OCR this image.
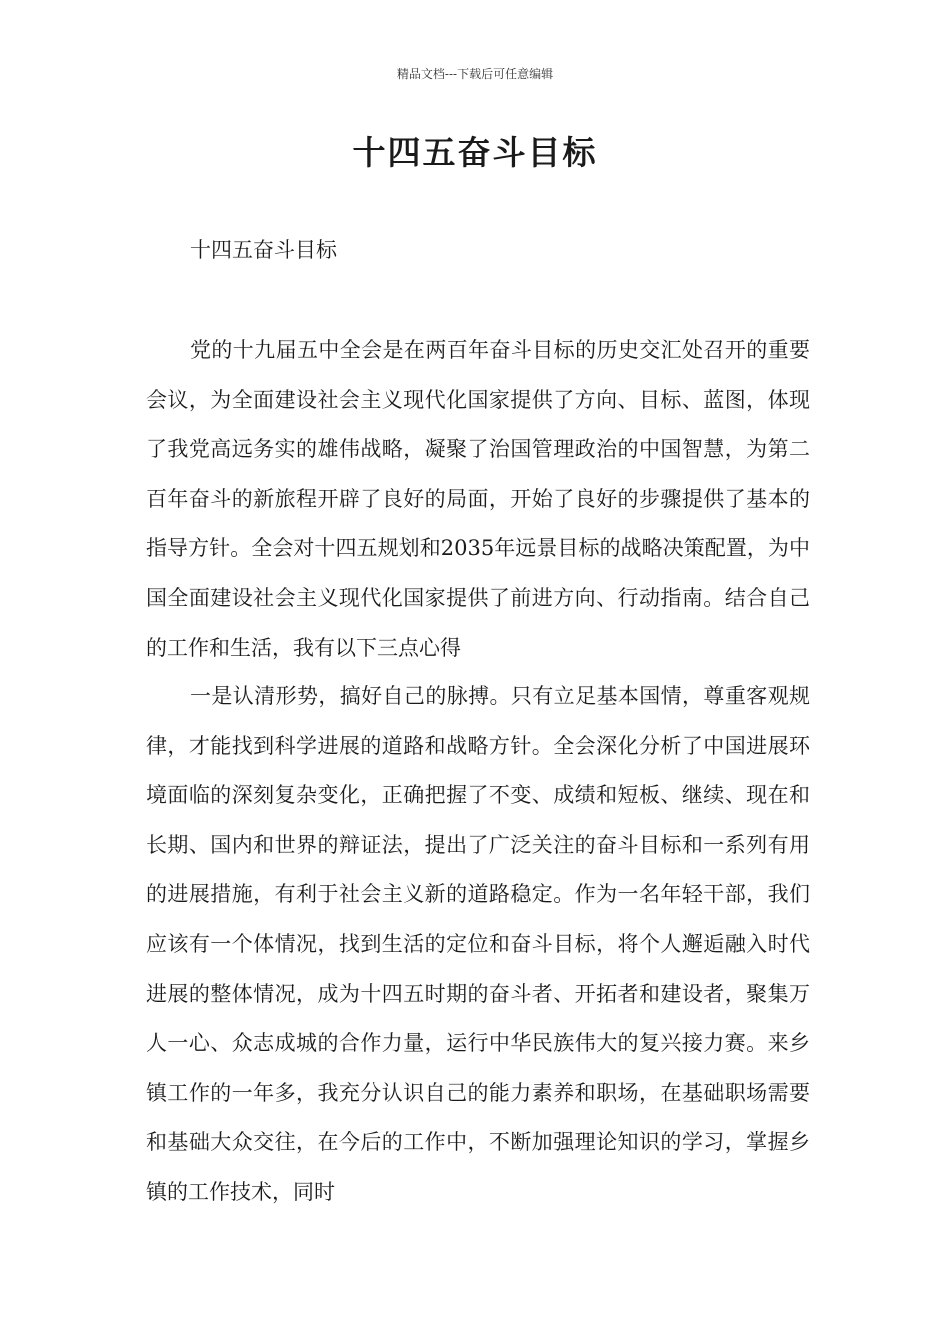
精品文档---下载后可任意编辑
十四五奋斗目标

十四五奋斗目标

党的十九届五中全会是在两百年奋斗目标的历史交汇处召开的重要会议，为全面建设社会主义现代化国家提供了方向、目标、蓝图，体现了我党高远务实的雄伟战略，凝聚了治国管理政治的中国智慧，为第二百年奋斗的新旅程开辟了良好的局面，开始了良好的步骤提供了基本的指导方针。全会对十四五规划和2035年远景目标的战略决策配置，为中国全面建设社会主义现代化国家提供了前进方向、行动指南。结合自己的工作和生活，我有以下三点心得

一是认清形势，搞好自己的脉搏。只有立足基本国情，尊重客观规律，才能找到科学进展的道路和战略方针。全会深化分析了中国进展环境面临的深刻复杂变化，正确把握了不变、成绩和短板、继续、现在和长期、国内和世界的辩证法，提出了广泛关注的奋斗目标和一系列有用的进展措施，有利于社会主义新的道路稳定。作为一名年轻干部，我们应该有一个体情况，找到生活的定位和奋斗目标，将个人邂逅融入时代进展的整体情况，成为十四五时期的奋斗者、开拓者和建设者，聚集万人一心、众志成城的合作力量，运行中华民族伟大的复兴接力赛。来乡镇工作的一年多，我充分认识自己的能力素养和职场，在基础职场需要和基础大众交往，在今后的工作中，不断加强理论知识的学习，掌握乡镇的工作技术，同时
